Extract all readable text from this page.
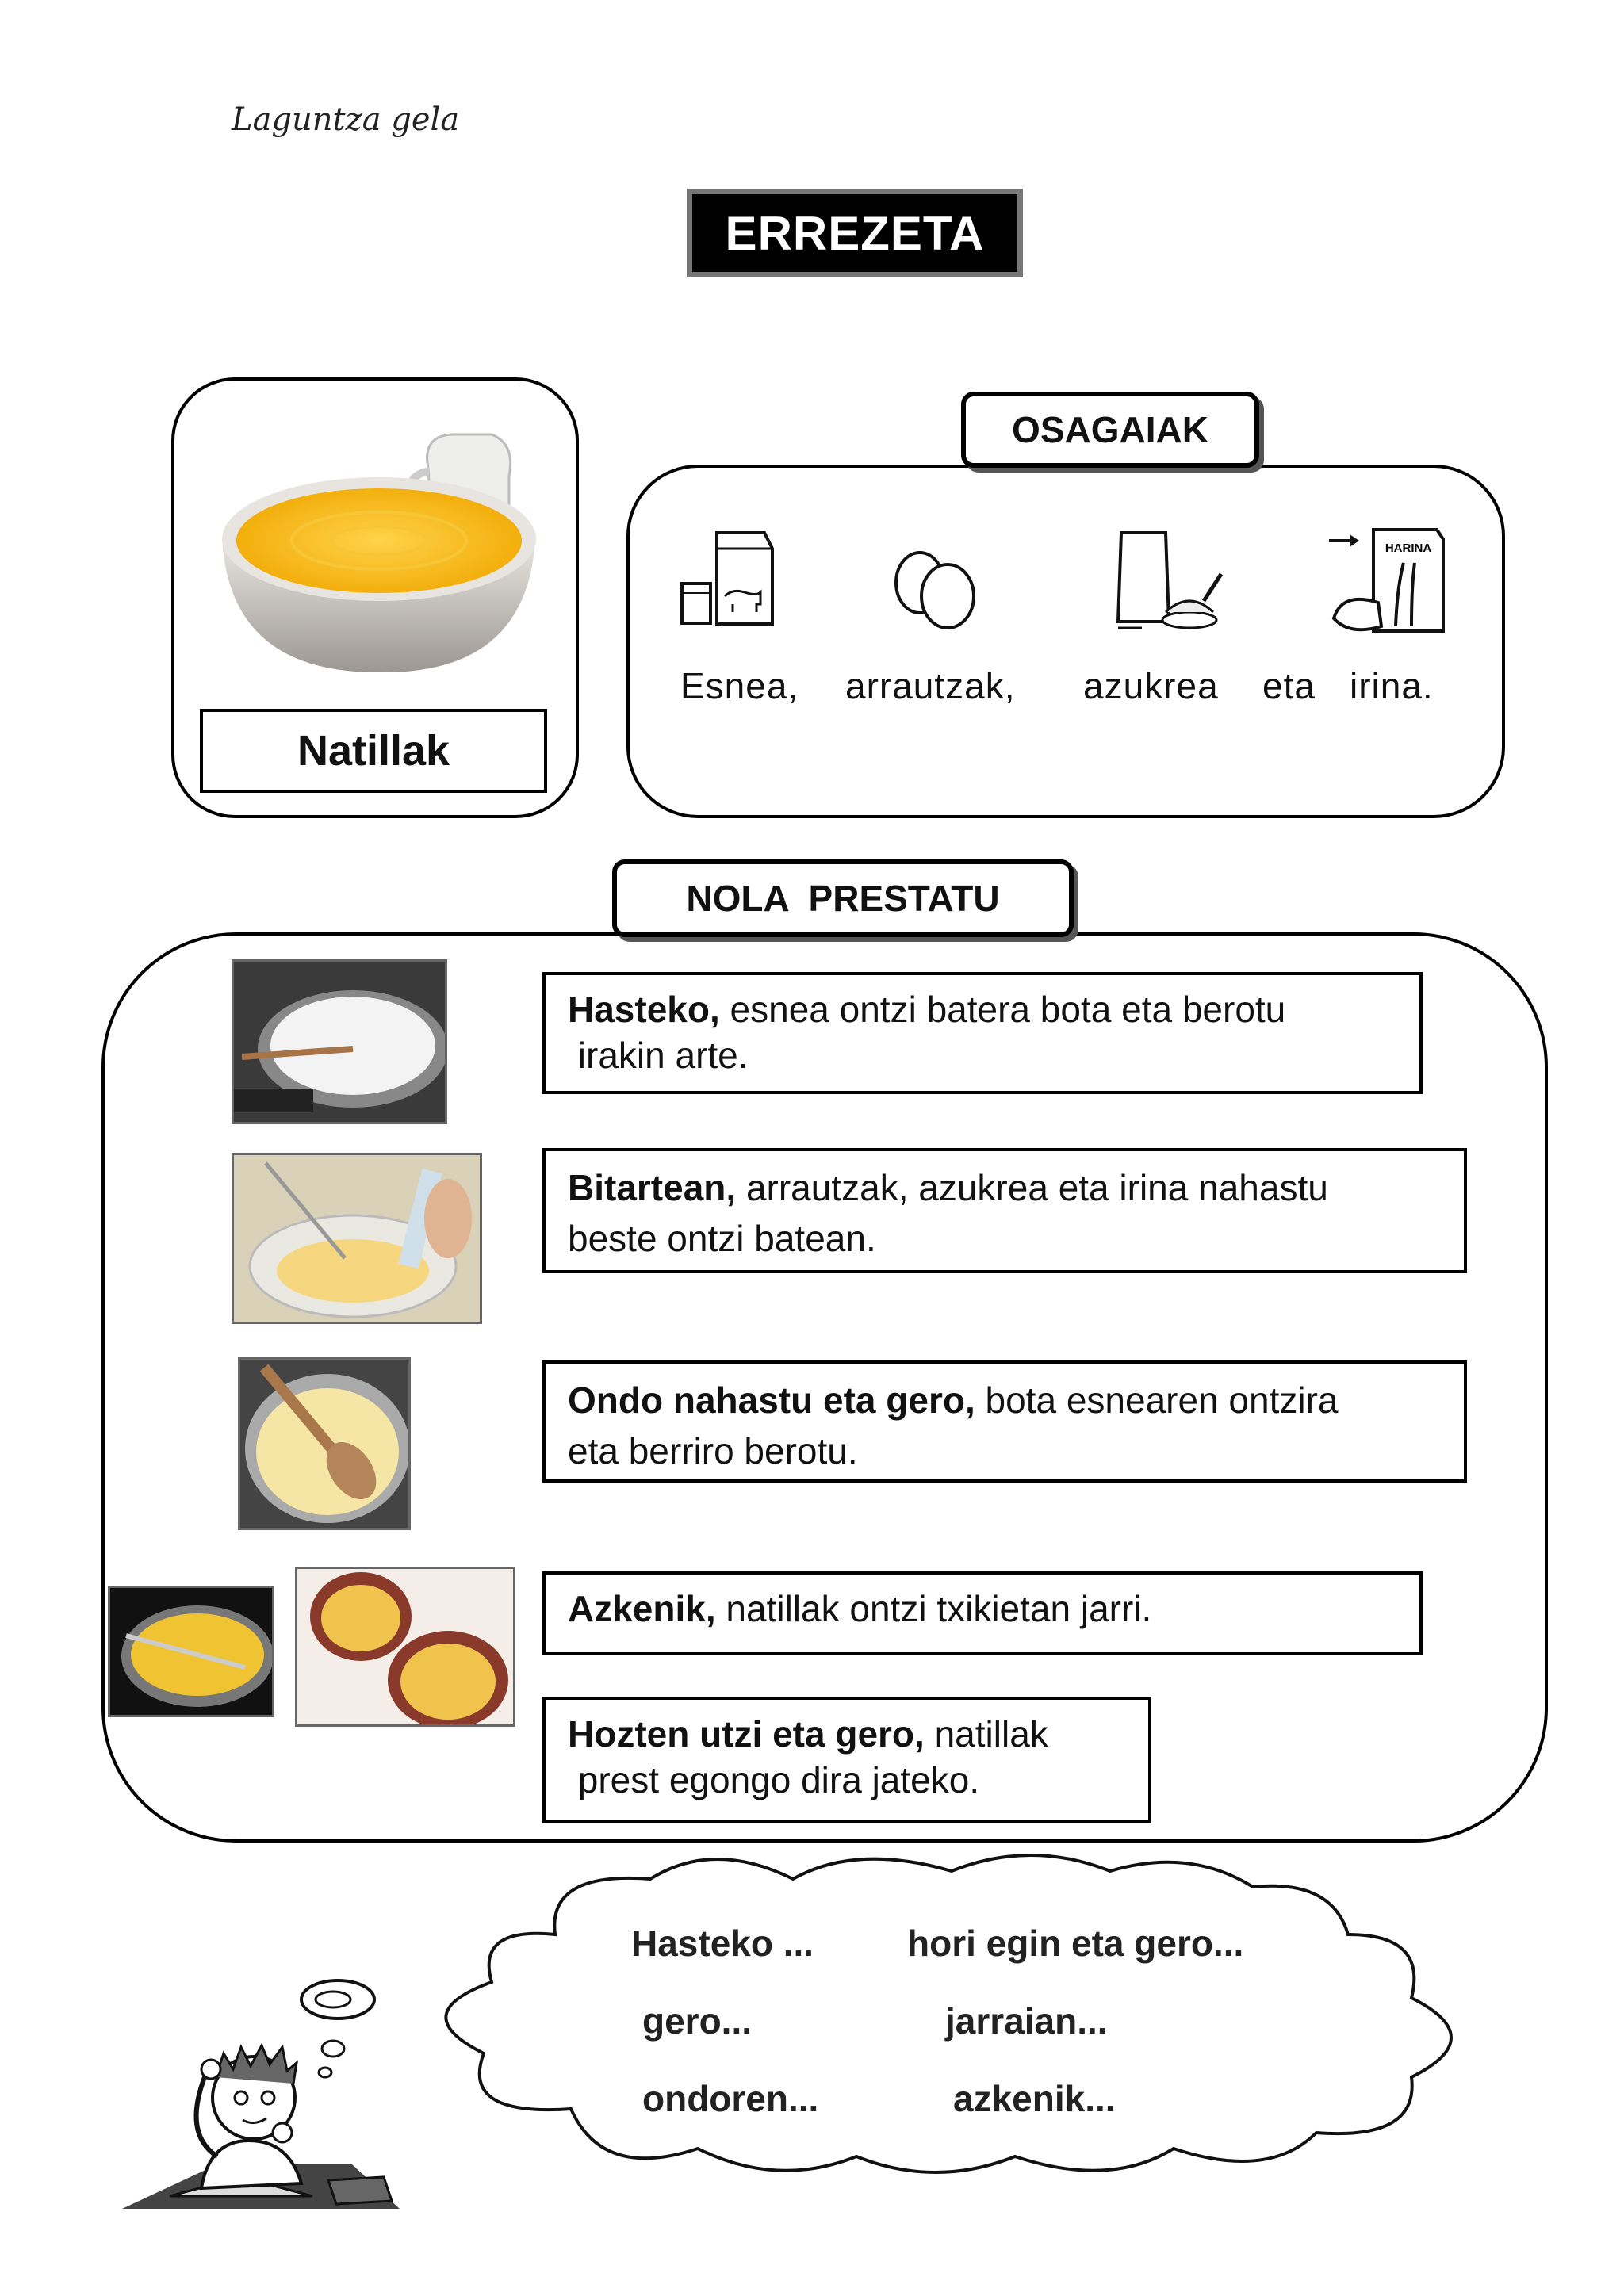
Laguntza gela
ERREZETA
Natillak
OSAGAIAK
HARINA
Esnea, arrautzak, azukrea eta irina.
NOLA  PRESTATU
Hasteko, esnea ontzi batera bota eta berotu
irakin arte.
Bitartean, arrautzak, azukrea eta irina nahastu
beste ontzi batean.
Ondo nahastu eta gero, bota esnearen ontzira
eta berriro berotu.
Azkenik, natillak ontzi txikietan jarri.
Hozten utzi eta gero, natillak
prest egongo dira jateko.
Hasteko ...	hori egin eta gero...
gero...	jarraian...
ondoren...	azkenik...
